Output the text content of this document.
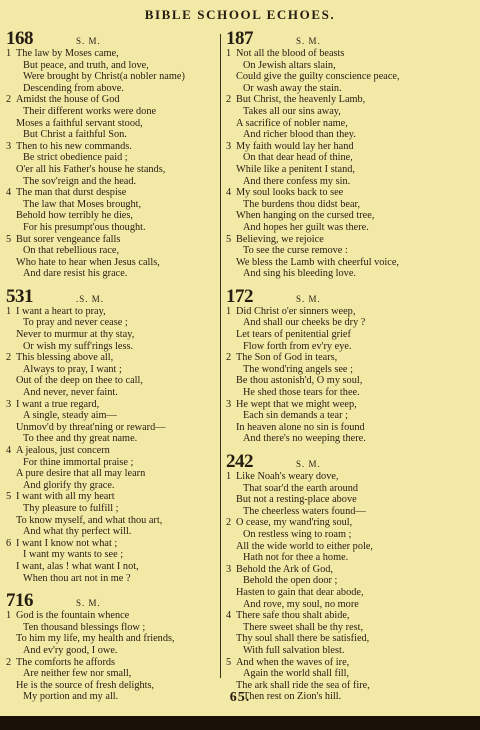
BIBLE SCHOOL ECHOES.
168	S. M.
1 The law by Moses came,
But peace, and truth, and love,
Were brought by Christ(a nobler name)
Descending from above.
2 Amidst the house of God
Their different works were done
Moses a faithful servant stood,
But Christ a faithful Son.
3 Then to his new commands.
Be strict obedience paid ;
O'er all his Father's house he stands,
The sov'reign and the head.
4 The man that durst despise
The law that Moses brought,
Behold how terribly he dies,
For his presumpt'ous thought.
5 But sorer vengeance falls
On that rebellious race,
Who hate to hear when Jesus calls,
And dare resist his grace.
531	.S. M.
1 I want a heart to pray,
To pray and never cease ;
Never to murmur at thy stay,
Or wish my suff'rings less.
2 This blessing above all,
Always to pray, I want ;
Out of the deep on thee to call,
And never, never faint.
3 I want a true regard,
A single, steady aim—
Unmov'd by threat'ning or reward—
To thee and thy great name.
4 A jealous, just concern
For thine immortal praise ;
A pure desire that all may learn
And glorify thy grace.
5 I want with all my heart
Thy pleasure to fulfill ;
To know myself, and what thou art,
And what thy perfect will.
6 I want I know not what ;
I want my wants to see ;
I want, alas ! what want I not,
When thou art not in me ?
716	S. M.
1 God is the fountain whence
Ten thousand blessings flow ;
To him my life, my health and friends,
And ev'ry good, I owe.
2 The comforts he affords
Are neither few nor small,
He is the source of fresh delights,
My portion and my all.
187	S. M.
1 Not all the blood of beasts
On Jewish altars slain,
Could give the guilty conscience peace,
Or wash away the stain.
2 But Christ, the heavenly Lamb,
Takes all our sins away,
A sacrifice of nobler name,
And richer blood than they.
3 My faith would lay her hand
On that dear head of thine,
While like a penitent I stand,
And there confess my sin.
4 My soul looks back to see
The burdens thou didst bear,
When hanging on the cursed tree,
And hopes her guilt was there.
5 Believing, we rejoice
To see the curse remove :
We bless the Lamb with cheerful voice,
And sing his bleeding love.
172	S. M.
1 Did Christ o'er sinners weep,
And shall our cheeks be dry ?
Let tears of penitential grief
Flow forth from ev'ry eye.
2 The Son of God in tears,
The wond'ring angels see ;
Be thou astonish'd, O my soul,
He shed those tears for thee.
3 He wept that we might weep,
Each sin demands a tear ;
In heaven alone no sin is found
And there's no weeping there.
242	S. M.
1 Like Noah's weary dove,
That soar'd the earth around
But not a resting-place above
The cheerless waters found—
2 O cease, my wand'ring soul,
On restless wing to roam ;
All the wide world to either pole,
Hath not for thee a home.
3 Behold the Ark of God,
Behold the open door ;
Hasten to gain that dear abode,
And rove, my soul, no more
4 There safe thou shalt abide,
There sweet shall be thy rest,
Thy soul shall there be satisfied,
With full salvation blest.
5 And when the waves of ire,
Again the world shall fill,
The ark shall ride the sea of fire,
Then rest on Zion's hill.
65.
